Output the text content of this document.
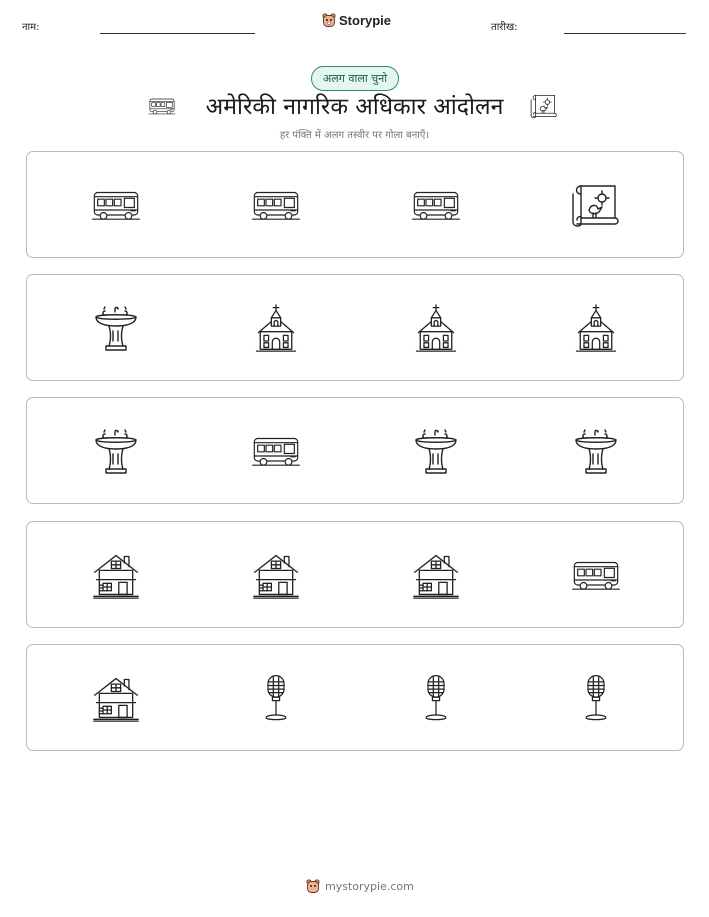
नाम:	Storypie	तारीख:
अलग वाला चुनो
अमेरिकी नागरिक अधिकार आंदोलन
हर पंक्ति में अलग तस्वीर पर गोला बनाएँ।
mystorypie.com
